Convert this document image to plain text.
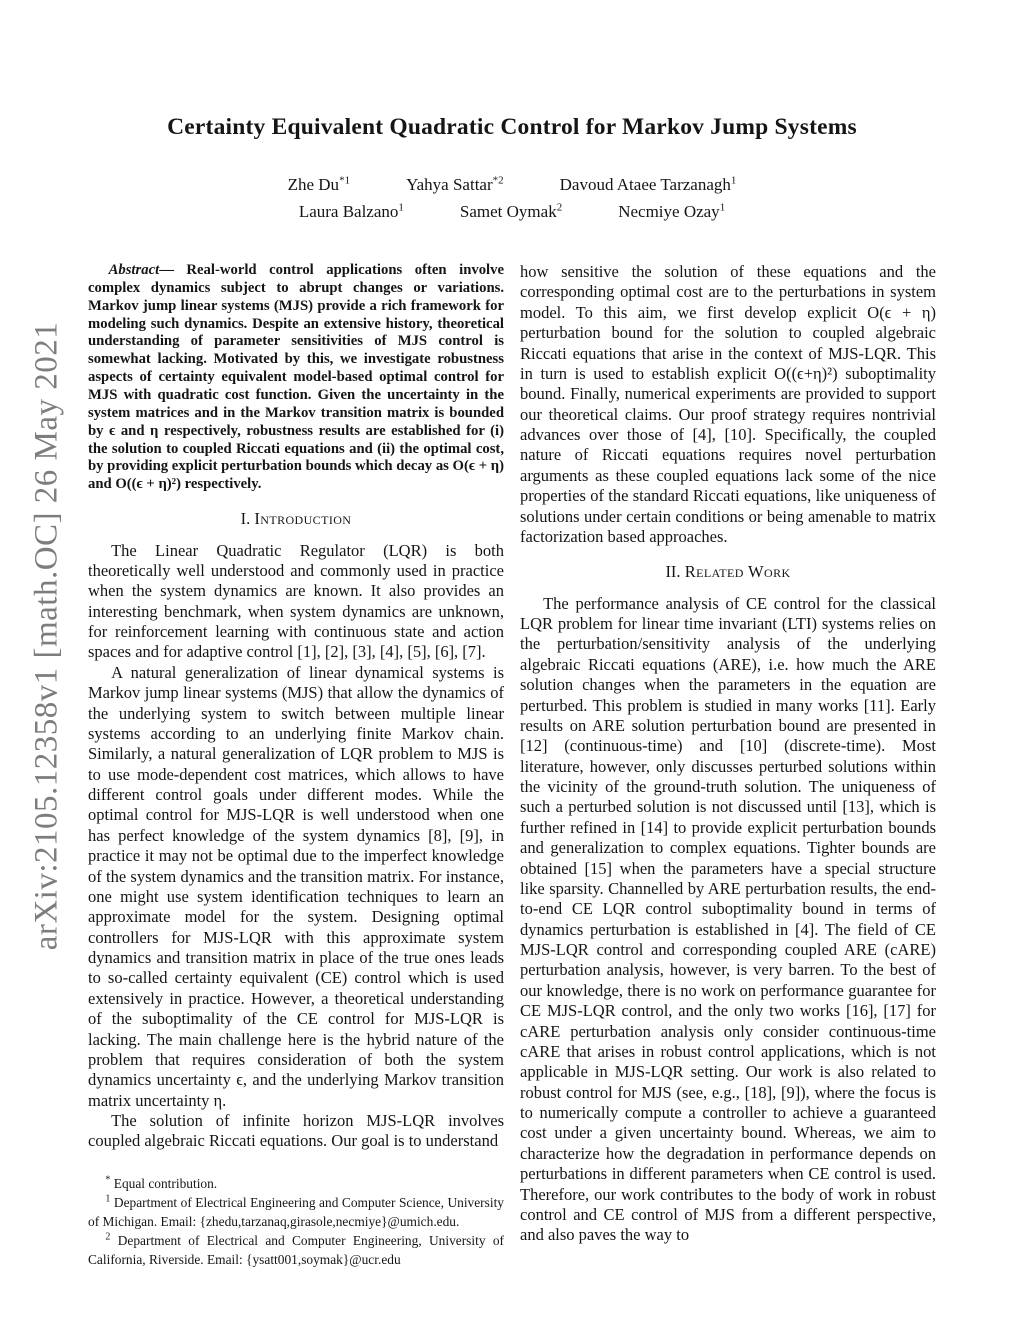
arXiv:2105.12358v1 [math.OC] 26 May 2021
Certainty Equivalent Quadratic Control for Markov Jump Systems
Zhe Du$^{*1}$	Yahya Sattar$^{*2}$	Davoud Ataee Tarzanagh$^1$
Laura Balzano$^1$	Samet Oymak$^2$	Necmiye Ozay$^1$

Abstract— Real-world control applications often involve complex dynamics subject to abrupt changes or variations. Markov jump linear systems (MJS) provide a rich framework for modeling such dynamics. Despite an extensive history, theoretical understanding of parameter sensitivities of MJS control is somewhat lacking. Motivated by this, we investigate robustness aspects of certainty equivalent model-based optimal control for MJS with quadratic cost function. Given the uncertainty in the system matrices and in the Markov transition matrix is bounded by ϵ and η respectively, robustness results are established for (i) the solution to coupled Riccati equations and (ii) the optimal cost, by providing explicit perturbation bounds which decay as O(ϵ + η) and O((ϵ + η)²) respectively.

I. Introduction

The Linear Quadratic Regulator (LQR) is both theoretically well understood and commonly used in practice when the system dynamics are known. It also provides an interesting benchmark, when system dynamics are unknown, for reinforcement learning with continuous state and action spaces and for adaptive control [1], [2], [3], [4], [5], [6], [7].

A natural generalization of linear dynamical systems is Markov jump linear systems (MJS) that allow the dynamics of the underlying system to switch between multiple linear systems according to an underlying finite Markov chain. Similarly, a natural generalization of LQR problem to MJS is to use mode-dependent cost matrices, which allows to have different control goals under different modes. While the optimal control for MJS-LQR is well understood when one has perfect knowledge of the system dynamics [8], [9], in practice it may not be optimal due to the imperfect knowledge of the system dynamics and the transition matrix. For instance, one might use system identification techniques to learn an approximate model for the system. Designing optimal controllers for MJS-LQR with this approximate system dynamics and transition matrix in place of the true ones leads to so-called certainty equivalent (CE) control which is used extensively in practice. However, a theoretical understanding of the suboptimality of the CE control for MJS-LQR is lacking. The main challenge here is the hybrid nature of the problem that requires consideration of both the system dynamics uncertainty ϵ, and the underlying Markov transition matrix uncertainty η.

The solution of infinite horizon MJS-LQR involves coupled algebraic Riccati equations. Our goal is to understand

* Equal contribution.

$^1$ Department of Electrical Engineering and Computer Science, University of Michigan. Email: {zhedu,tarzanaq,girasole,necmiye}@umich.edu.

$^2$ Department of Electrical and Computer Engineering, University of California, Riverside. Email: {ysatt001,soymak}@ucr.edu

how sensitive the solution of these equations and the corresponding optimal cost are to the perturbations in system model. To this aim, we first develop explicit O(ϵ + η) perturbation bound for the solution to coupled algebraic Riccati equations that arise in the context of MJS-LQR. This in turn is used to establish explicit O((ϵ+η)²) suboptimality bound. Finally, numerical experiments are provided to support our theoretical claims. Our proof strategy requires nontrivial advances over those of [4], [10]. Specifically, the coupled nature of Riccati equations requires novel perturbation arguments as these coupled equations lack some of the nice properties of the standard Riccati equations, like uniqueness of solutions under certain conditions or being amenable to matrix factorization based approaches.

II. Related Work

The performance analysis of CE control for the classical LQR problem for linear time invariant (LTI) systems relies on the perturbation/sensitivity analysis of the underlying algebraic Riccati equations (ARE), i.e. how much the ARE solution changes when the parameters in the equation are perturbed. This problem is studied in many works [11]. Early results on ARE solution perturbation bound are presented in [12] (continuous-time) and [10] (discrete-time). Most literature, however, only discusses perturbed solutions within the vicinity of the ground-truth solution. The uniqueness of such a perturbed solution is not discussed until [13], which is further refined in [14] to provide explicit perturbation bounds and generalization to complex equations. Tighter bounds are obtained [15] when the parameters have a special structure like sparsity. Channelled by ARE perturbation results, the end-to-end CE LQR control suboptimality bound in terms of dynamics perturbation is established in [4]. The field of CE MJS-LQR control and corresponding coupled ARE (cARE) perturbation analysis, however, is very barren. To the best of our knowledge, there is no work on performance guarantee for CE MJS-LQR control, and the only two works [16], [17] for cARE perturbation analysis only consider continuous-time cARE that arises in robust control applications, which is not applicable in MJS-LQR setting. Our work is also related to robust control for MJS (see, e.g., [18], [9]), where the focus is to numerically compute a controller to achieve a guaranteed cost under a given uncertainty bound. Whereas, we aim to characterize how the degradation in performance depends on perturbations in different parameters when CE control is used. Therefore, our work contributes to the body of work in robust control and CE control of MJS from a different perspective, and also paves the way to
